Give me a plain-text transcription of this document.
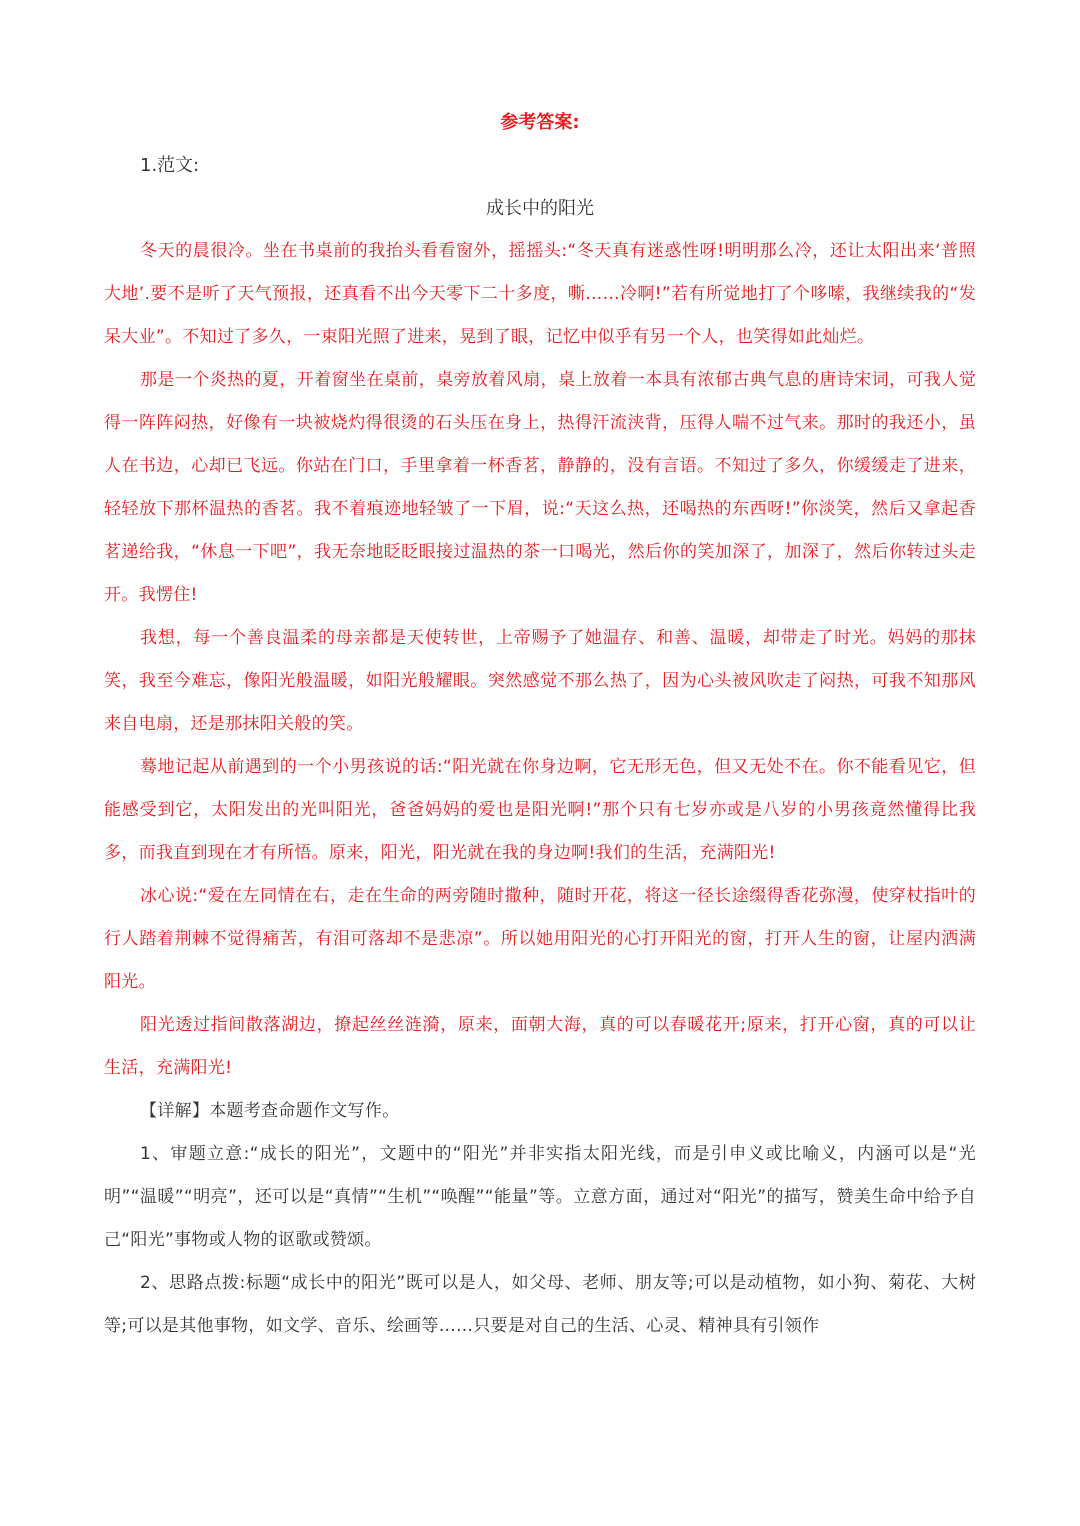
参考答案:
1.范文:
成长中的阳光

冬天的晨很冷。坐在书桌前的我抬头看看窗外，摇摇头:“冬天真有迷惑性呀!明明那么冷，还让太阳出来‘普照大地’.要不是听了天气预报，还真看不出今天零下二十多度，嘶……冷啊!”若有所觉地打了个哆嗦，我继续我的“发呆大业”。不知过了多久，一束阳光照了进来，晃到了眼，记忆中似乎有另一个人，也笑得如此灿烂。

那是一个炎热的夏，开着窗坐在桌前，桌旁放着风扇，桌上放着一本具有浓郁古典气息的唐诗宋词，可我人觉得一阵阵闷热，好像有一块被烧灼得很烫的石头压在身上，热得汗流浃背，压得人喘不过气来。那时的我还小，虽人在书边，心却已飞远。你站在门口，手里拿着一杯香茗，静静的，没有言语。不知过了多久，你缓缓走了进来，轻轻放下那杯温热的香茗。我不着痕迹地轻皱了一下眉，说:“天这么热，还喝热的东西呀!”你淡笑，然后又拿起香茗递给我，“休息一下吧”，我无奈地眨眨眼接过温热的茶一口喝光，然后你的笑加深了，加深了，然后你转过头走开。我愣住!

我想，每一个善良温柔的母亲都是天使转世，上帝赐予了她温存、和善、温暖，却带走了时光。妈妈的那抹笑，我至今难忘，像阳光般温暖，如阳光般耀眼。突然感觉不那么热了，因为心头被风吹走了闷热，可我不知那风来自电扇，还是那抹阳关般的笑。

蓦地记起从前遇到的一个小男孩说的话:“阳光就在你身边啊，它无形无色，但又无处不在。你不能看见它，但能感受到它，太阳发出的光叫阳光，爸爸妈妈的爱也是阳光啊!”那个只有七岁亦或是八岁的小男孩竟然懂得比我多，而我直到现在才有所悟。原来，阳光，阳光就在我的身边啊!我们的生活，充满阳光!

冰心说:“爱在左同情在右，走在生命的两旁随时撒种，随时开花，将这一径长途缀得香花弥漫，使穿杖指叶的行人踏着荆棘不觉得痛苦，有泪可落却不是悲凉”。所以她用阳光的心打开阳光的窗，打开人生的窗，让屋内洒满阳光。

阳光透过指间散落湖边，撩起丝丝涟漪，原来，面朝大海，真的可以春暖花开;原来，打开心窗，真的可以让生活，充满阳光!

【详解】本题考查命题作文写作。

1、审题立意:“成长的阳光”，文题中的“阳光”并非实指太阳光线，而是引申义或比喻义，内涵可以是“光明”“温暖”“明亮”，还可以是“真情”“生机”“唤醒”“能量”等。立意方面，通过对“阳光”的描写，赞美生命中给予自己“阳光”事物或人物的讴歌或赞颂。

2、思路点拨:标题“成长中的阳光”既可以是人，如父母、老师、朋友等;可以是动植物，如小狗、菊花、大树等;可以是其他事物，如文学、音乐、绘画等……只要是对自己的生活、心灵、精神具有引领作
